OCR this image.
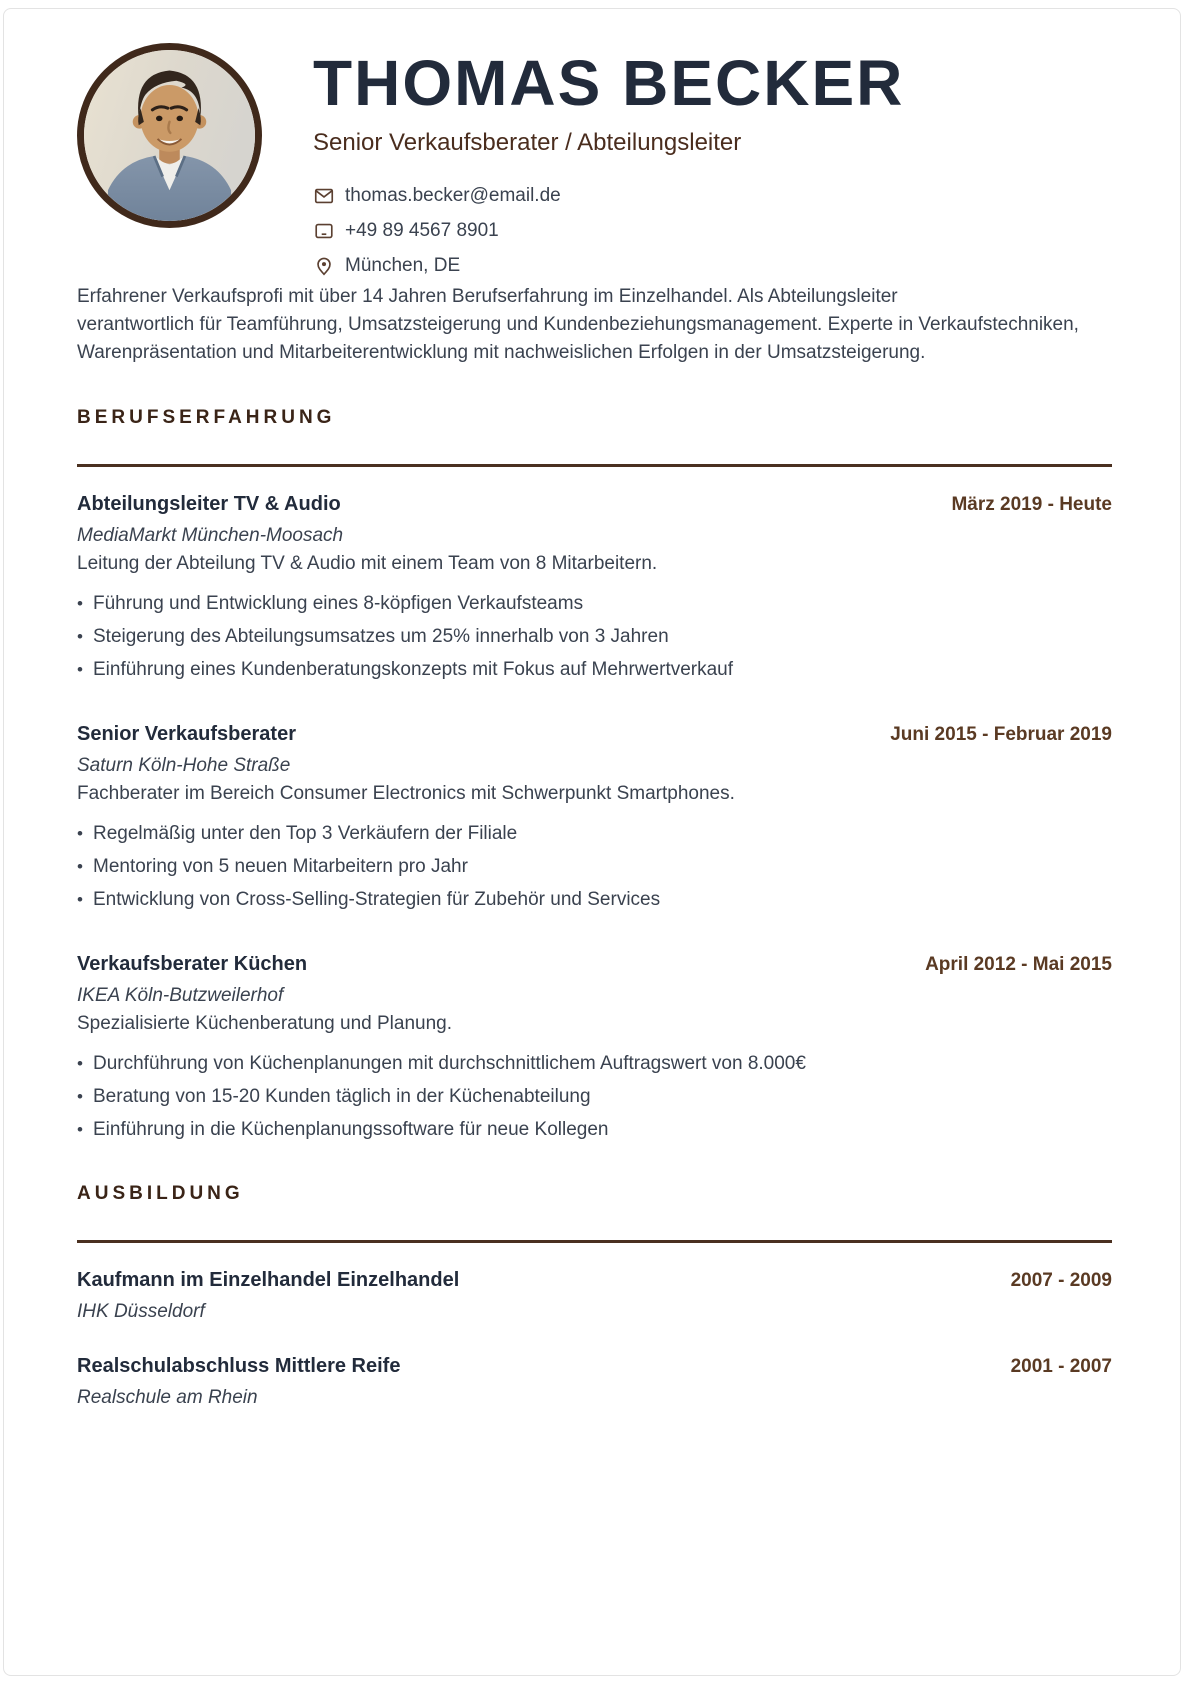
THOMAS BECKER
Senior Verkaufsberater / Abteilungsleiter
thomas.becker@email.de
+49 89 4567 8901
München, DE
Erfahrener Verkaufsprofi mit über 14 Jahren Berufserfahrung im Einzelhandel. Als Abteilungsleiter
verantwortlich für Teamführung, Umsatzsteigerung und Kundenbeziehungsmanagement. Experte in Verkaufstechniken,
Warenpräsentation und Mitarbeiterentwicklung mit nachweislichen Erfolgen in der Umsatzsteigerung.
BERUFSERFAHRUNG
Abteilungsleiter TV & Audio	März 2019 - Heute
MediaMarkt München-Moosach
Leitung der Abteilung TV & Audio mit einem Team von 8 Mitarbeitern.
• Führung und Entwicklung eines 8-köpfigen Verkaufsteams
• Steigerung des Abteilungsumsatzes um 25% innerhalb von 3 Jahren
• Einführung eines Kundenberatungskonzepts mit Fokus auf Mehrwertverkauf
Senior Verkaufsberater	Juni 2015 - Februar 2019
Saturn Köln-Hohe Straße
Fachberater im Bereich Consumer Electronics mit Schwerpunkt Smartphones.
• Regelmäßig unter den Top 3 Verkäufern der Filiale
• Mentoring von 5 neuen Mitarbeitern pro Jahr
• Entwicklung von Cross-Selling-Strategien für Zubehör und Services
Verkaufsberater Küchen	April 2012 - Mai 2015
IKEA Köln-Butzweilerhof
Spezialisierte Küchenberatung und Planung.
• Durchführung von Küchenplanungen mit durchschnittlichem Auftragswert von 8.000€
• Beratung von 15-20 Kunden täglich in der Küchenabteilung
• Einführung in die Küchenplanungssoftware für neue Kollegen
AUSBILDUNG
Kaufmann im Einzelhandel Einzelhandel	2007 - 2009
IHK Düsseldorf
Realschulabschluss Mittlere Reife	2001 - 2007
Realschule am Rhein
